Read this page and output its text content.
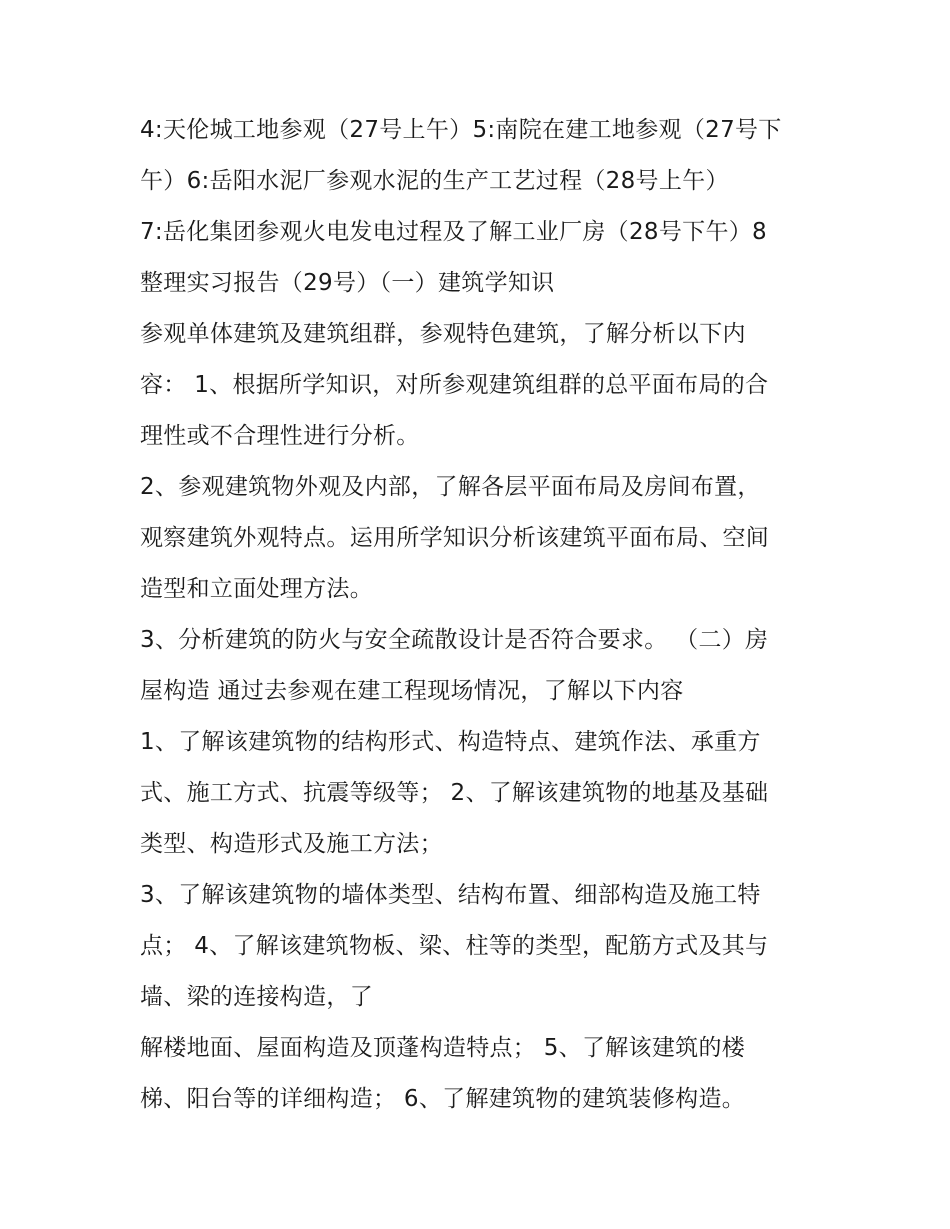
4:天伦城工地参观（27号上午）5:南院在建工地参观（27号下
午）6:岳阳水泥厂参观水泥的生产工艺过程（28号上午）
7:岳化集团参观火电发电过程及了解工业厂房（28号下午）8
整理实习报告（29号）（一）建筑学知识
参观单体建筑及建筑组群，参观特色建筑，了解分析以下内
容： 1、根据所学知识，对所参观建筑组群的总平面布局的合
理性或不合理性进行分析。
2、参观建筑物外观及内部，了解各层平面布局及房间布置，
观察建筑外观特点。运用所学知识分析该建筑平面布局、空间
造型和立面处理方法。
3、分析建筑的防火与安全疏散设计是否符合要求。 （二）房
屋构造 通过去参观在建工程现场情况，了解以下内容
1、了解该建筑物的结构形式、构造特点、建筑作法、承重方
式、施工方式、抗震等级等； 2、了解该建筑物的地基及基础
类型、构造形式及施工方法；
3、了解该建筑物的墙体类型、结构布置、细部构造及施工特
点； 4、了解该建筑物板、梁、柱等的类型，配筋方式及其与
墙、梁的连接构造，了
解楼地面、屋面构造及顶蓬构造特点； 5、了解该建筑的楼
梯、阳台等的详细构造； 6、了解建筑物的建筑装修构造。
